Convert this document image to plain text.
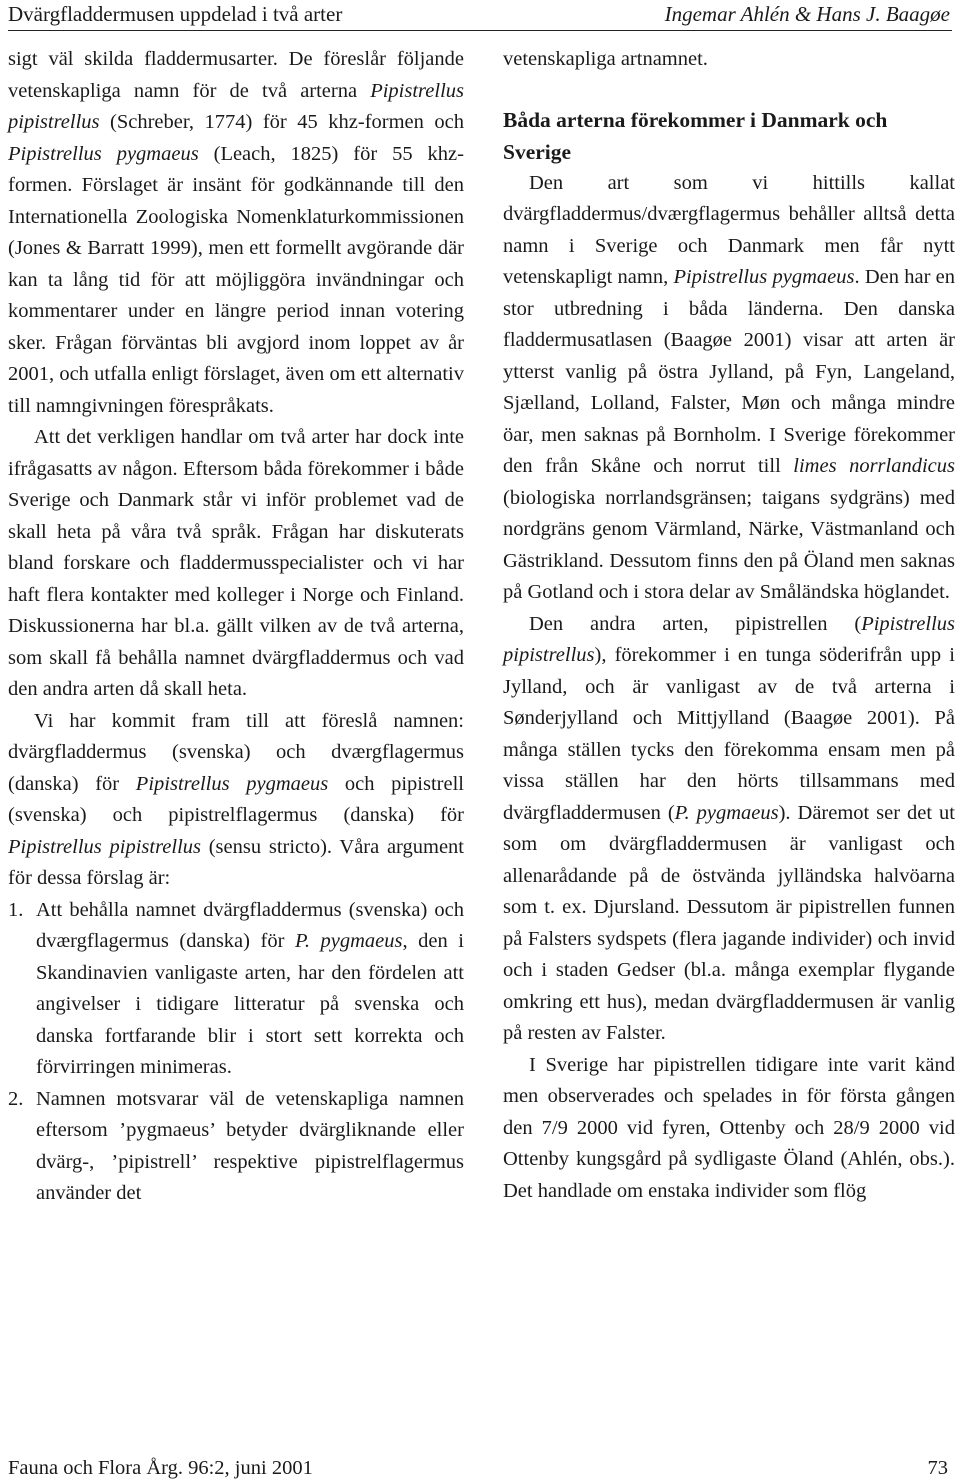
Dvärgfladdermusen uppdelad i två arter	Ingemar Ahlén & Hans J. Baagøe

sigt väl skilda fladdermusarter. De föreslår följande vetenskapliga namn för de två arterna Pipistrellus pipistrellus (Schreber, 1774) för 45 khz-formen och Pipistrellus pygmaeus (Leach, 1825) för 55 khz-formen. Förslaget är insänt för godkännande till den Internationella Zoologiska Nomenklaturkommissionen (Jones & Barratt 1999), men ett formellt avgörande där kan ta lång tid för att möjliggöra invändningar och kommentarer under en längre period innan votering sker. Frågan förväntas bli avgjord inom loppet av år 2001, och utfalla enligt förslaget, även om ett alternativ till namngivningen förespråkats.

Att det verkligen handlar om två arter har dock inte ifrågasatts av någon. Eftersom båda förekommer i både Sverige och Danmark står vi inför problemet vad de skall heta på våra två språk. Frågan har diskuterats bland forskare och fladdermusspecialister och vi har haft flera kontakter med kolleger i Norge och Finland. Diskussionerna har bl.a. gällt vilken av de två arterna, som skall få behålla namnet dvärgfladdermus och vad den andra arten då skall heta.

Vi har kommit fram till att föreslå namnen: dvärgfladdermus (svenska) och dværgflagermus (danska) för Pipistrellus pygmaeus och pipistrell (svenska) och pipistrelflagermus (danska) för Pipistrellus pipistrellus (sensu stricto). Våra argument för dessa förslag är:

1. Att behålla namnet dvärgfladdermus (svenska) och dværgflagermus (danska) för P. pygmaeus, den i Skandinavien vanligaste arten, har den fördelen att angivelser i tidigare litteratur på svenska och danska fortfarande blir i stort sett korrekta och förvirringen minimeras.
2. Namnen motsvarar väl de vetenskapliga namnen eftersom ’pygmaeus’ betyder dvärgliknande eller dvärg-, ’pipistrell’ respektive pipistrelflagermus använder det

vetenskapliga artnamnet.

Båda arterna förekommer i Danmark och Sverige

Den art som vi hittills kallat dvärgfladdermus/dværgflagermus behåller alltså detta namn i Sverige och Danmark men får nytt vetenskapligt namn, Pipistrellus pygmaeus. Den har en stor utbredning i båda länderna. Den danska fladdermusatlasen (Baagøe 2001) visar att arten är ytterst vanlig på östra Jylland, på Fyn, Langeland, Sjælland, Lolland, Falster, Møn och många mindre öar, men saknas på Bornholm. I Sverige förekommer den från Skåne och norrut till limes norrlandicus (biologiska norrlandsgränsen; taigans sydgräns) med nordgräns genom Värmland, Närke, Västmanland och Gästrikland. Dessutom finns den på Öland men saknas på Gotland och i stora delar av Småländska höglandet.

Den andra arten, pipistrellen (Pipistrellus pipistrellus), förekommer i en tunga söderifrån upp i Jylland, och är vanligast av de två arterna i Sønderjylland och Mittjylland (Baagøe 2001). På många ställen tycks den förekomma ensam men på vissa ställen har den hörts tillsammans med dvärgfladdermusen (P. pygmaeus). Däremot ser det ut som om dvärgfladdermusen är vanligast och allenarådande på de östvända jylländska halvöarna som t. ex. Djursland. Dessutom är pipistrellen funnen på Falsters sydspets (flera jagande individer) och invid och i staden Gedser (bl.a. många exemplar flygande omkring ett hus), medan dvärgfladdermusen är vanlig på resten av Falster.

I Sverige har pipistrellen tidigare inte varit känd men observerades och spelades in för första gången den 7/9 2000 vid fyren, Ottenby och 28/9 2000 vid Ottenby kungsgård på sydligaste Öland (Ahlén, obs.). Det handlade om enstaka individer som flög

Fauna och Flora Årg. 96:2, juni 2001	73
